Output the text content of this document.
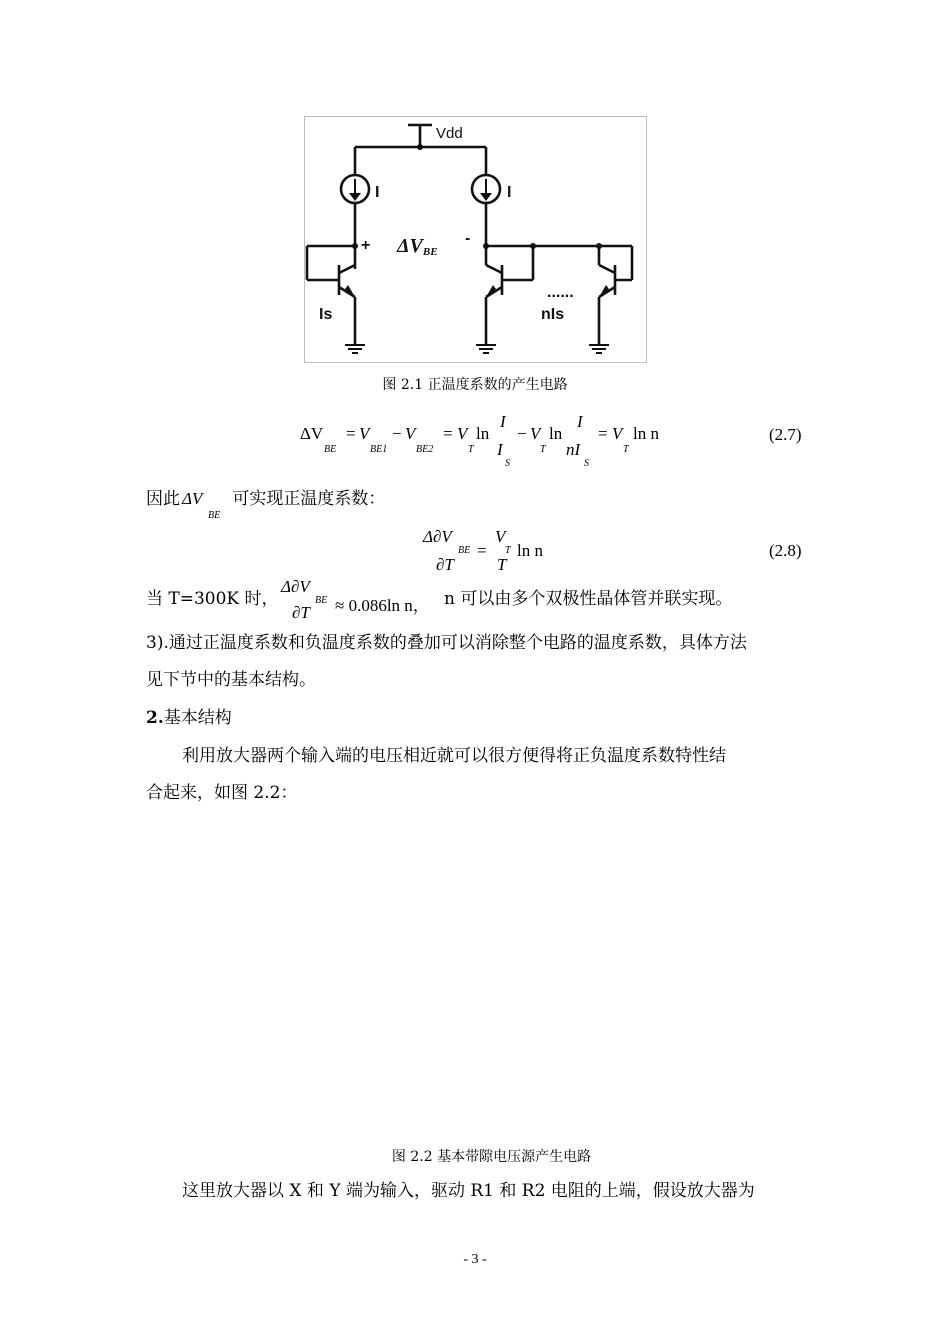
Vdd
I
+
Is
ΔVBE
I
-
......
nIs
图 2.1 正温度系数的产生电路
ΔV
BE
= V
BE1
− V
BE2
= V
T
ln
I
I
S
− V
T
ln
I
nI
S
= V
T
ln n	(2.7)
因此 ΔV 可实现正温度系数：
BE
Δ∂V
BE
∂T
=
V
T
T
ln n	(2.8)
当 T=300K 时，
Δ∂V
BE
∂T ≈ 0.086ln n， n 可以由多个双极性晶体管并联实现。
3).通过正温度系数和负温度系数的叠加可以消除整个电路的温度系数，具体方法
见下节中的基本结构。
2.基本结构
利用放大器两个输入端的电压相近就可以很方便得将正负温度系数特性结
合起来，如图 2.2：
图 2.2 基本带隙电压源产生电路
这里放大器以 X 和 Y 端为输入，驱动 R1 和 R2 电阻的上端，假设放大器为
- 3 -
